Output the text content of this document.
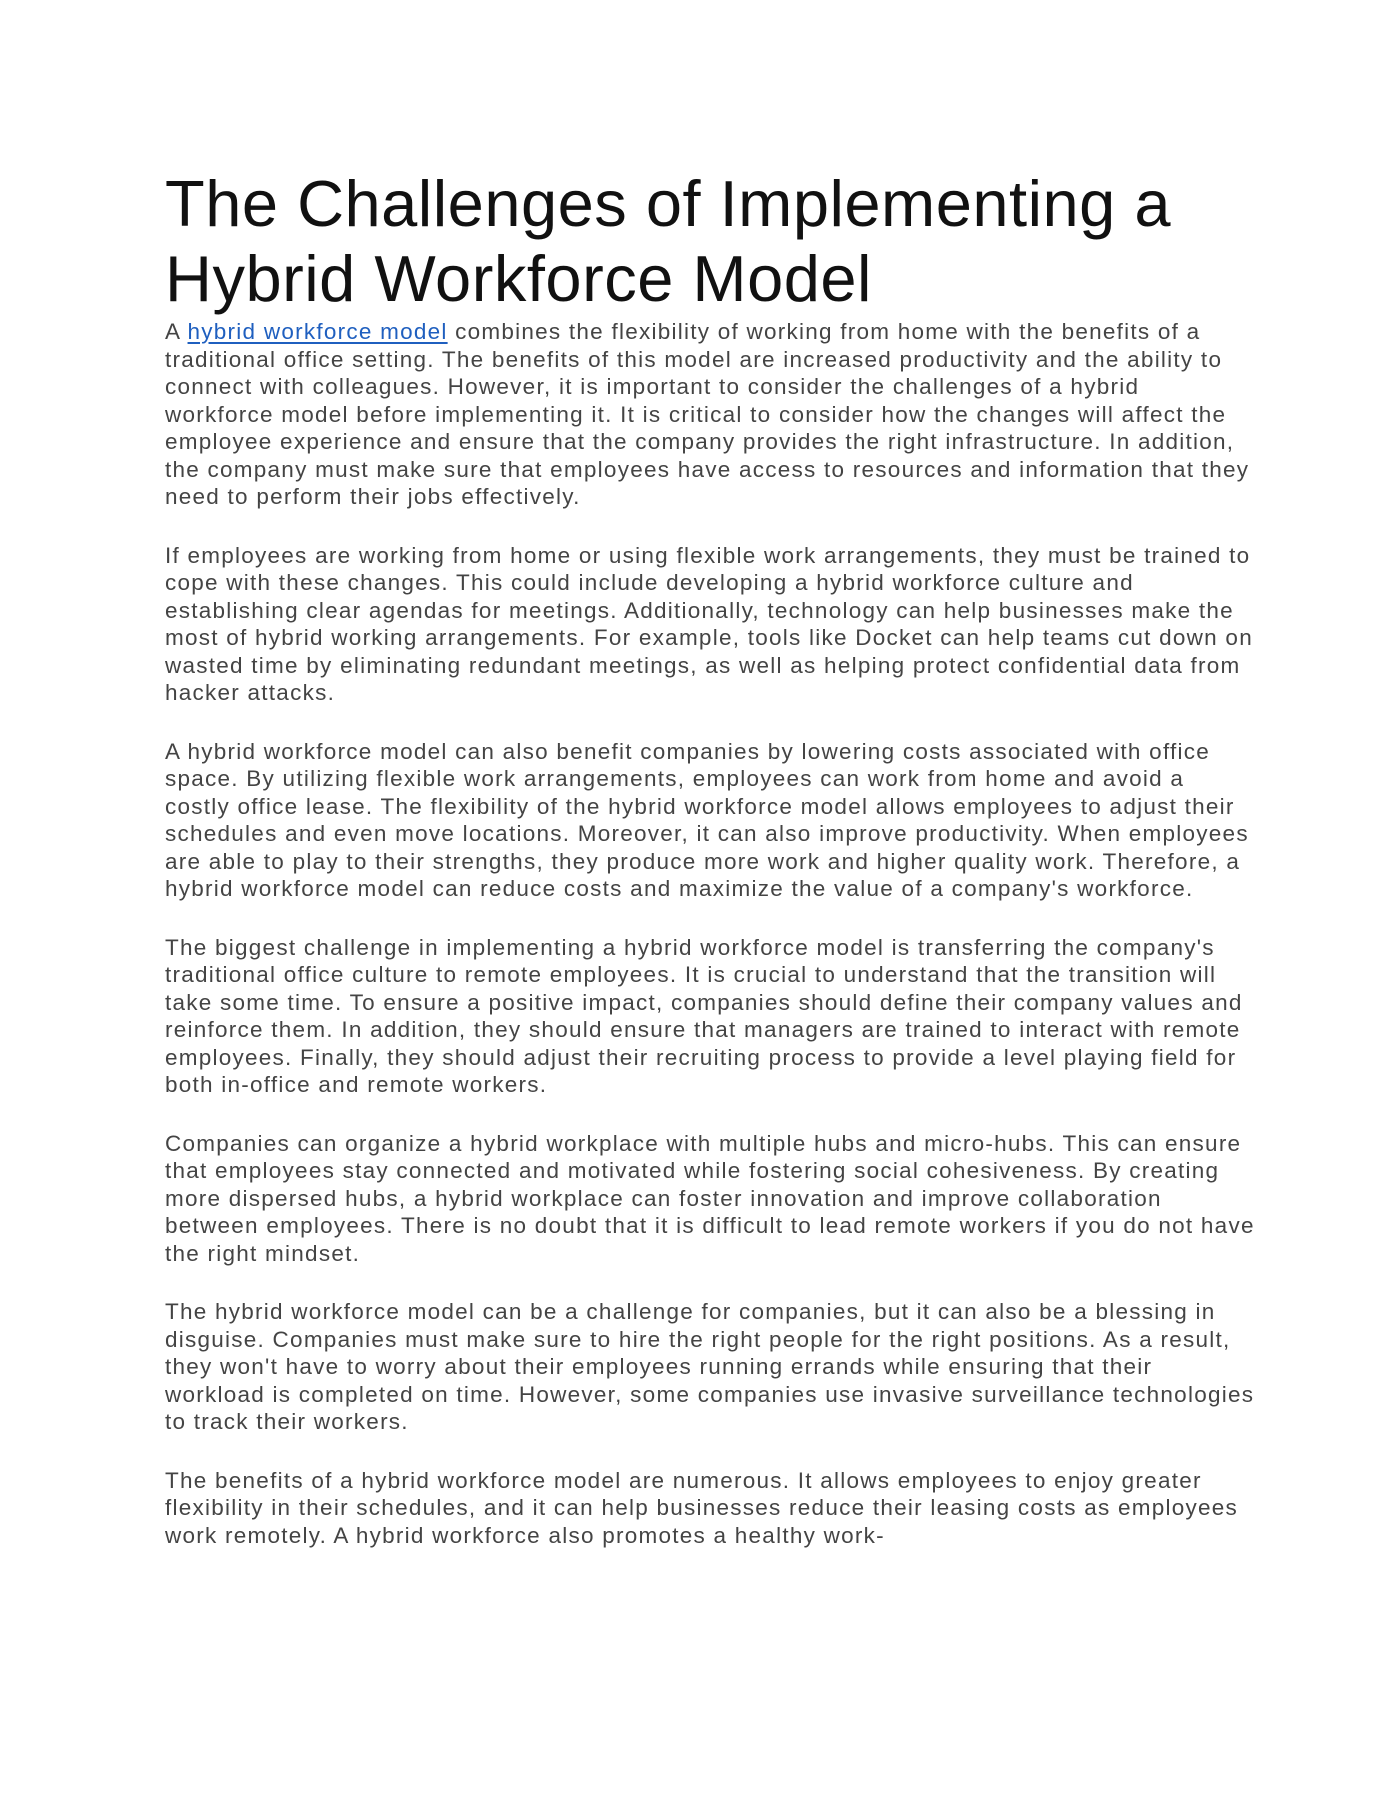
The Challenges of Implementing a Hybrid Workforce Model

A hybrid workforce model combines the flexibility of working from home with the benefits of a traditional office setting. The benefits of this model are increased productivity and the ability to connect with colleagues. However, it is important to consider the challenges of a hybrid workforce model before implementing it. It is critical to consider how the changes will affect the employee experience and ensure that the company provides the right infrastructure. In addition, the company must make sure that employees have access to resources and information that they need to perform their jobs effectively.

If employees are working from home or using flexible work arrangements, they must be trained to cope with these changes. This could include developing a hybrid workforce culture and establishing clear agendas for meetings. Additionally, technology can help businesses make the most of hybrid working arrangements. For example, tools like Docket can help teams cut down on wasted time by eliminating redundant meetings, as well as helping protect confidential data from hacker attacks.

A hybrid workforce model can also benefit companies by lowering costs associated with office space. By utilizing flexible work arrangements, employees can work from home and avoid a costly office lease. The flexibility of the hybrid workforce model allows employees to adjust their schedules and even move locations. Moreover, it can also improve productivity. When employees are able to play to their strengths, they produce more work and higher quality work. Therefore, a hybrid workforce model can reduce costs and maximize the value of a company's workforce.

The biggest challenge in implementing a hybrid workforce model is transferring the company's traditional office culture to remote employees. It is crucial to understand that the transition will take some time. To ensure a positive impact, companies should define their company values and reinforce them. In addition, they should ensure that managers are trained to interact with remote employees. Finally, they should adjust their recruiting process to provide a level playing field for both in-office and remote workers.

Companies can organize a hybrid workplace with multiple hubs and micro-hubs. This can ensure that employees stay connected and motivated while fostering social cohesiveness. By creating more dispersed hubs, a hybrid workplace can foster innovation and improve collaboration between employees. There is no doubt that it is difficult to lead remote workers if you do not have the right mindset.

The hybrid workforce model can be a challenge for companies, but it can also be a blessing in disguise. Companies must make sure to hire the right people for the right positions. As a result, they won't have to worry about their employees running errands while ensuring that their workload is completed on time. However, some companies use invasive surveillance technologies to track their workers.

The benefits of a hybrid workforce model are numerous. It allows employees to enjoy greater flexibility in their schedules, and it can help businesses reduce their leasing costs as employees work remotely. A hybrid workforce also promotes a healthy work-
